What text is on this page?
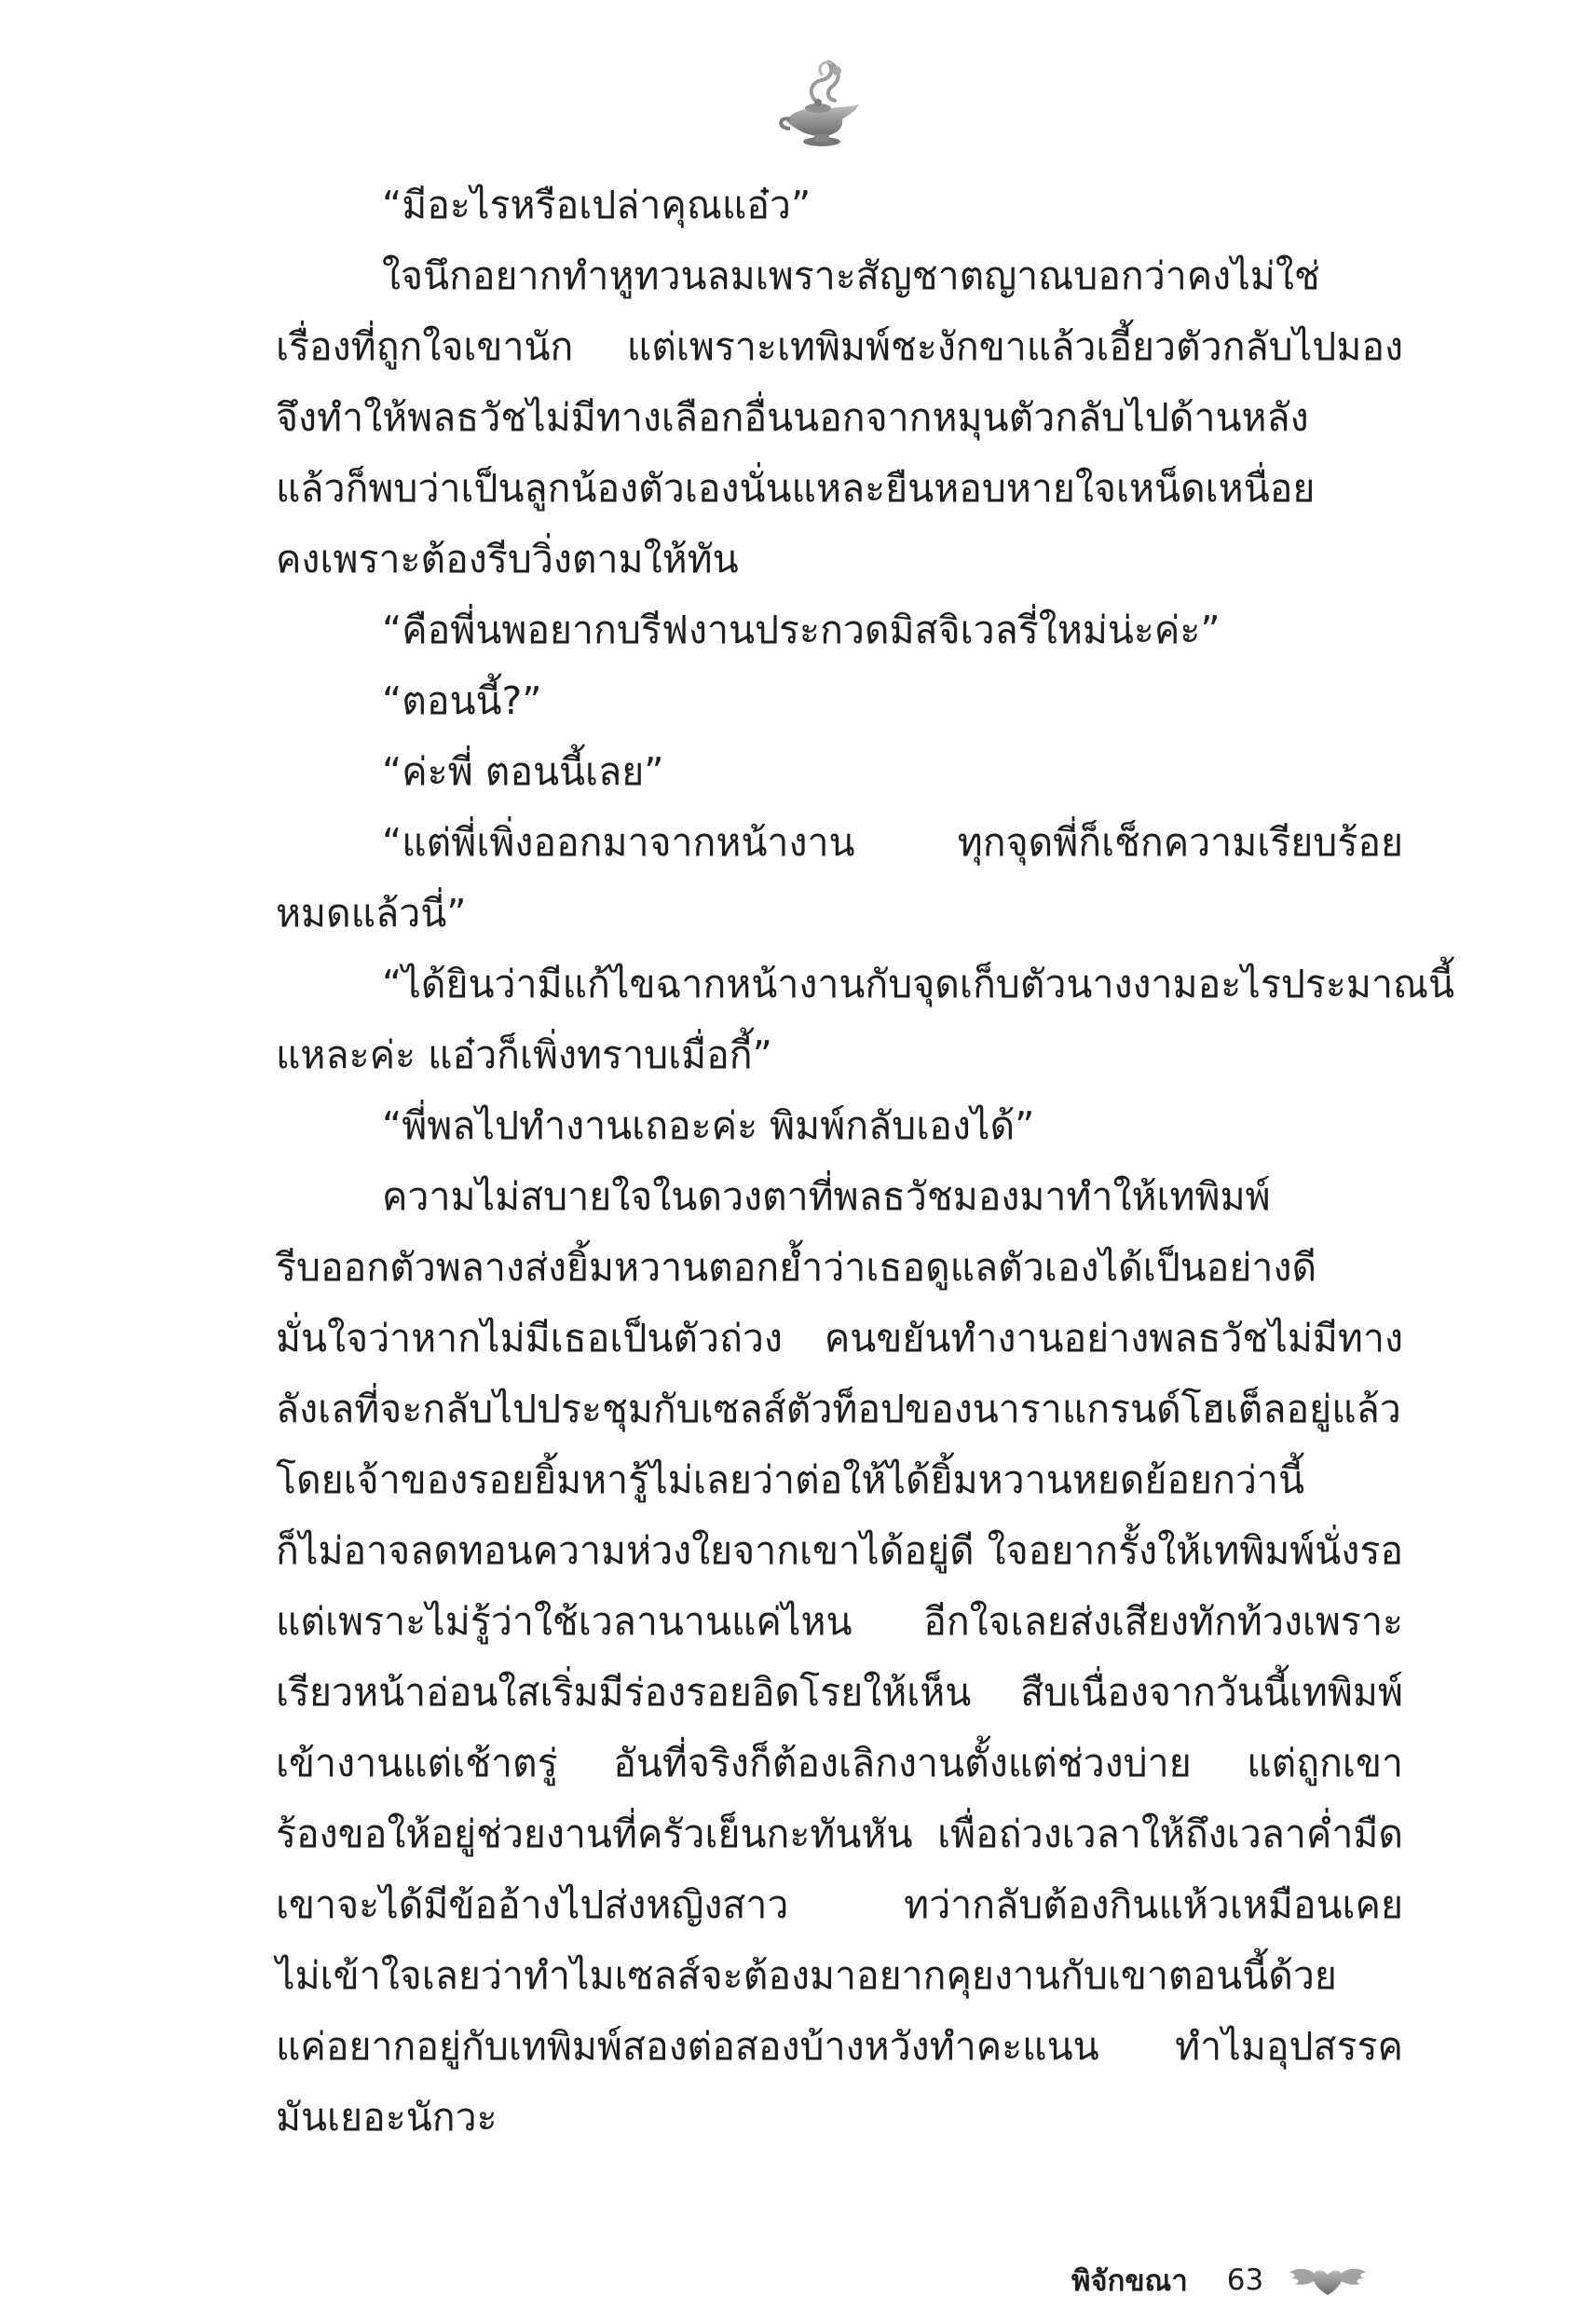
“มีอะไรหรือเปล่าคุณแอ๋ว”
ใจนึกอยากทำหูทวนลมเพราะสัญชาตญาณบอกว่าคงไม่ใช่
เรื่องที่ถูกใจเขานัก แต่เพราะเทพิมพ์ชะงักขาแล้วเอี้ยวตัวกลับไปมอง
จึงทำให้พลธวัชไม่มีทางเลือกอื่นนอกจากหมุนตัวกลับไปด้านหลัง
แล้วก็พบว่าเป็นลูกน้องตัวเองนั่นแหละยืนหอบหายใจเหน็ดเหนื่อย
คงเพราะต้องรีบวิ่งตามให้ทัน
“คือพี่นพอยากบรีฟงานประกวดมิสจิเวลรี่ใหม่น่ะค่ะ”
“ตอนนี้?”
“ค่ะพี่ ตอนนี้เลย”
“แต่พี่เพิ่งออกมาจากหน้างาน ทุกจุดพี่ก็เช็กความเรียบร้อย
หมดแล้วนี่”
“ได้ยินว่ามีแก้ไขฉากหน้างานกับจุดเก็บตัวนางงามอะไรประมาณนี้
แหละค่ะ แอ๋วก็เพิ่งทราบเมื่อกี้”
“พี่พลไปทำงานเถอะค่ะ พิมพ์กลับเองได้”
ความไม่สบายใจในดวงตาที่พลธวัชมองมาทำให้เทพิมพ์
รีบออกตัวพลางส่งยิ้มหวานตอกย้ำว่าเธอดูแลตัวเองได้เป็นอย่างดี
มั่นใจว่าหากไม่มีเธอเป็นตัวถ่วง คนขยันทำงานอย่างพลธวัชไม่มีทาง
ลังเลที่จะกลับไปประชุมกับเซลส์ตัวท็อปของนาราแกรนด์โฮเต็ลอยู่แล้ว
โดยเจ้าของรอยยิ้มหารู้ไม่เลยว่าต่อให้ได้ยิ้มหวานหยดย้อยกว่านี้
ก็ไม่อาจลดทอนความห่วงใยจากเขาได้อยู่ดี ใจอยากรั้งให้เทพิมพ์นั่งรอ
แต่เพราะไม่รู้ว่าใช้เวลานานแค่ไหน อีกใจเลยส่งเสียงทักท้วงเพราะ
เรียวหน้าอ่อนใสเริ่มมีร่องรอยอิดโรยให้เห็น สืบเนื่องจากวันนี้เทพิมพ์
เข้างานแต่เช้าตรู่ อันที่จริงก็ต้องเลิกงานตั้งแต่ช่วงบ่าย แต่ถูกเขา
ร้องขอให้อยู่ช่วยงานที่ครัวเย็นกะทันหัน เพื่อถ่วงเวลาให้ถึงเวลาค่ำมืด
เขาจะได้มีข้ออ้างไปส่งหญิงสาว ทว่ากลับต้องกินแห้วเหมือนเคย
ไม่เข้าใจเลยว่าทำไมเซลส์จะต้องมาอยากคุยงานกับเขาตอนนี้ด้วย
แค่อยากอยู่กับเทพิมพ์สองต่อสองบ้างหวังทำคะแนน ทำไมอุปสรรค
มันเยอะนักวะ
พิจักขณา 63
